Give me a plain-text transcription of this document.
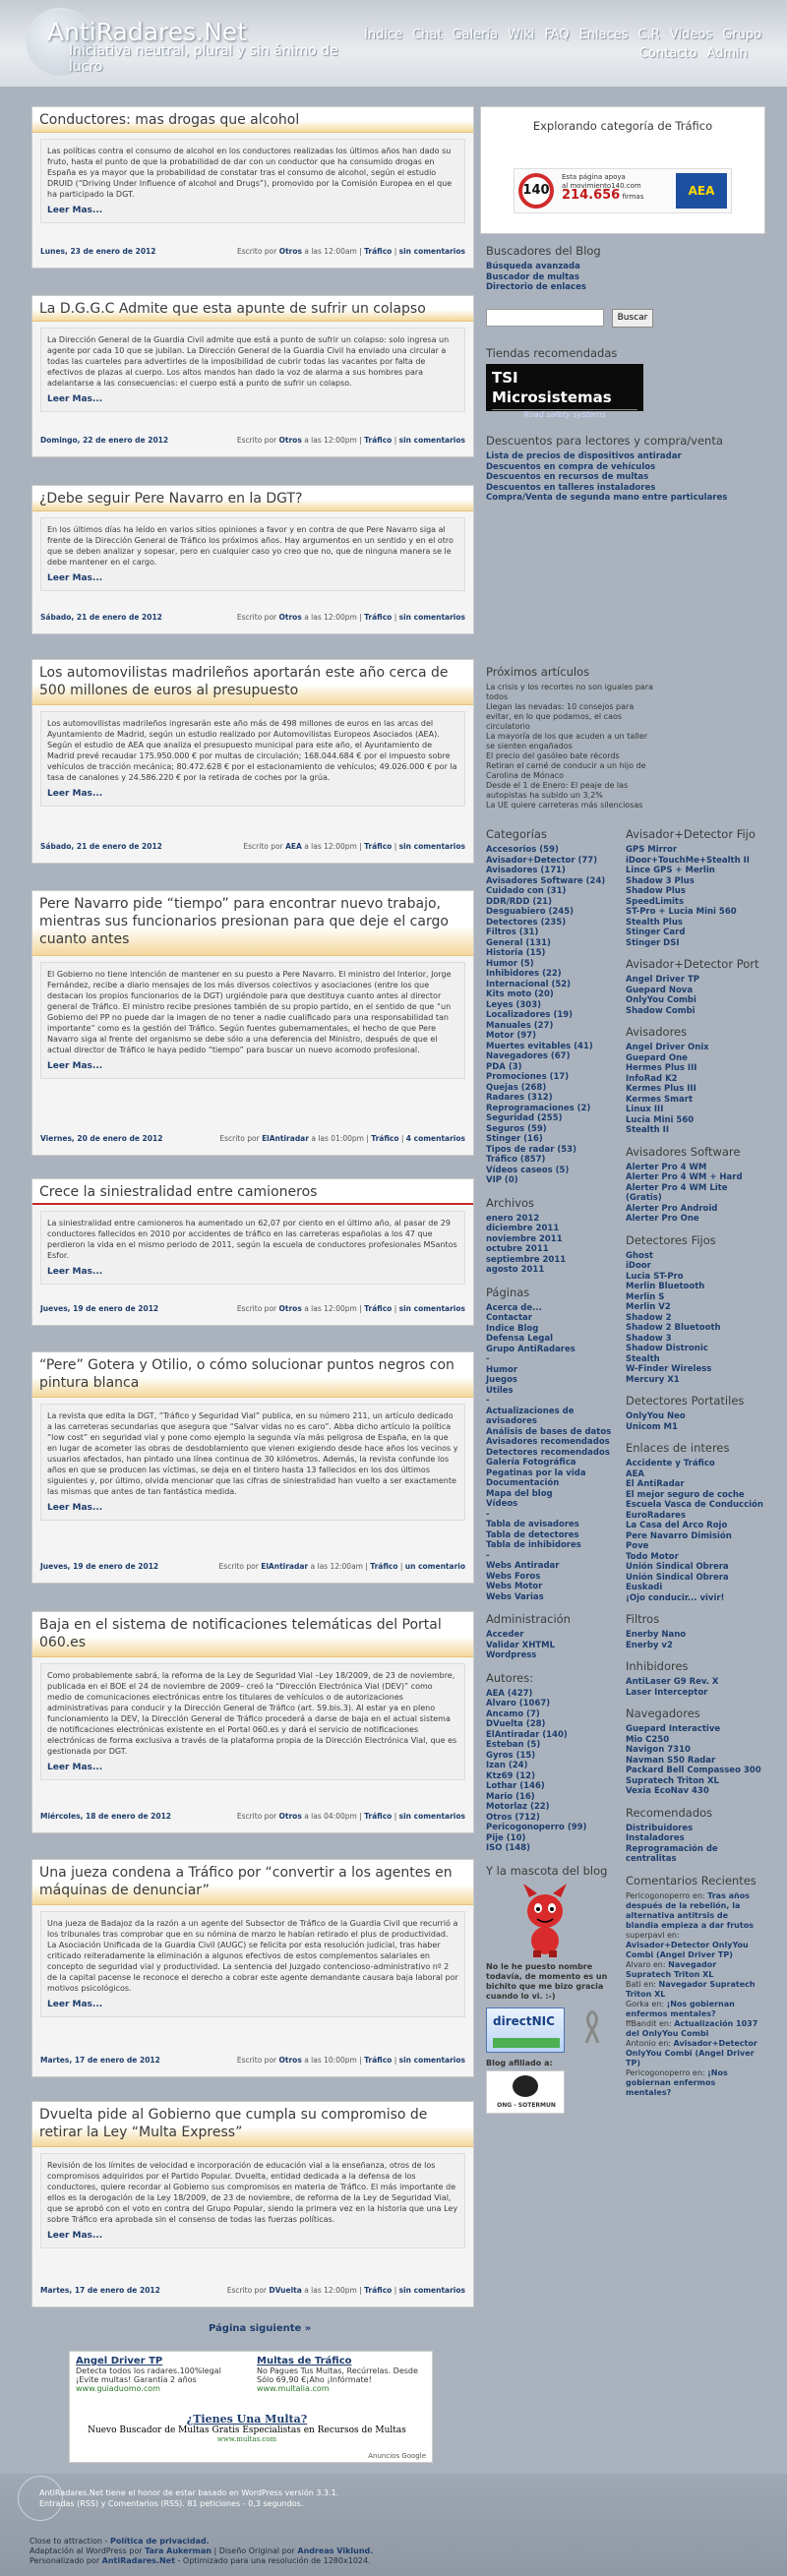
AntiRadares.Net
Iniciativa neutral, plural y sin ánimo de lucro
Índice Chat Galería Wiki FAQ Enlaces C.R Vídeos Grupo
Contacto Admin
Conductores: mas drogas que alcohol
Las políticas contra el consumo de alcohol en los conductores realizadas los últimos años han dado su fruto, hasta el punto de que la probabilidad de dar con un conductor que ha consumido drogas en España es ya mayor que la probabilidad de constatar tras el consumo de alcohol, según el estudio DRUID (“Driving Under Influence of alcohol and Drugs”), promovido por la Comisión Europea en el que ha participado la DGT.
Leer Mas...
Lunes, 23 de enero de 2012	Escrito por Otros a las 12:00am | Tráfico | sin comentarios
La D.G.G.C Admite que esta apunte de sufrir un colapso
La Dirección General de la Guardia Civil admite que está a punto de sufrir un colapso: solo ingresa un agente por cada 10 que se jubilan. La Dirección General de la Guardia Civil ha enviado una circular a todas las cuarteles para advertirles de la imposibilidad de cubrir todas las vacantes por falta de efectivos de plazas al cuerpo. Los altos mandos han dado la voz de alarma a sus hombres para adelantarse a las consecuencias: el cuerpo está a punto de sufrir un colapso.
Leer Mas...
Domingo, 22 de enero de 2012	Escrito por Otros a las 12:00pm | Tráfico | sin comentarios
¿Debe seguir Pere Navarro en la DGT?
En los últimos días ha leído en varios sitios opiniones a favor y en contra de que Pere Navarro siga al frente de la Dirección General de Tráfico los próximos años. Hay argumentos en un sentido y en el otro que se deben analizar y sopesar, pero en cualquier caso yo creo que no, que de ninguna manera se le debe mantener en el cargo.
Leer Mas...
Sábado, 21 de enero de 2012	Escrito por Otros a las 12:00pm | Tráfico | sin comentarios
Los automovilistas madrileños aportarán este año cerca de 500 millones de euros al presupuesto
Los automovilistas madrileños ingresarán este año más de 498 millones de euros en las arcas del Ayuntamiento de Madrid, según un estudio realizado por Automovilistas Europeos Asociados (AEA). Según el estudio de AEA que analiza el presupuesto municipal para este año, el Ayuntamiento de Madrid prevé recaudar 175.950.000 € por multas de circulación; 168.044.684 € por el impuesto sobre vehículos de tracción mecánica; 80.472.628 € por el estacionamiento de vehículos; 49.026.000 € por la tasa de canalones y 24.586.220 € por la retirada de coches por la grúa.
Leer Mas...
Sábado, 21 de enero de 2012	Escrito por AEA a las 12:00pm | Tráfico | sin comentarios
Pere Navarro pide “tiempo” para encontrar nuevo trabajo, mientras sus funcionarios presionan para que deje el cargo cuanto antes
El Gobierno no tiene intención de mantener en su puesto a Pere Navarro. El ministro del Interior, Jorge Fernández, recibe a diario mensajes de los más diversos colectivos y asociaciones (entre los que destacan los propios funcionarios de la DGT) urgiéndole para que destituya cuanto antes al director general de Tráfico. El ministro recibe presiones también de su propio partido, en el sentido de que “un Gobierno del PP no puede dar la imagen de no tener a nadie cualificado para una responsabilidad tan importante” como es la gestión del Tráfico. Según fuentes gubernamentales, el hecho de que Pere Navarro siga al frente del organismo se debe sólo a una deferencia del Ministro, después de que el actual director de Tráfico le haya pedido “tiempo” para buscar un nuevo acomodo profesional.
Leer Mas...
Viernes, 20 de enero de 2012	Escrito por ElAntiradar a las 01:00pm | Tráfico | 4 comentarios
Crece la siniestralidad entre camioneros
La siniestralidad entre camioneros ha aumentado un 62,07 por ciento en el último año, al pasar de 29 conductores fallecidos en 2010 por accidentes de tráfico en las carreteras españolas a los 47 que perdieron la vida en el mismo periodo de 2011, según la escuela de conductores profesionales MSantos Esfor.
Leer Mas...
Jueves, 19 de enero de 2012	Escrito por Otros a las 12:00pm | Tráfico | sin comentarios
“Pere” Gotera y Otilio, o cómo solucionar puntos negros con pintura blanca
La revista que edita la DGT, “Tráfico y Seguridad Vial” publica, en su número 211, un artículo dedicado a las carreteras secundarias que asegura que “Salvar vidas no es caro”. Abba dicho artículo la política “low cost” en seguridad vial y pone como ejemplo la segunda vía más peligrosa de España, en la que en lugar de acometer las obras de desdoblamiento que vienen exigiendo desde hace años los vecinos y usuarios afectados, han pintado una línea continua de 30 kilómetros. Además, la revista confunde los años en que se producen las víctimas, se deja en el tintero hasta 13 fallecidos en los dos últimos siguientes y, por último, olvida mencionar que las cifras de siniestralidad han vuelto a ser exactamente las mismas que antes de tan fantástica medida.
Leer Mas...
Jueves, 19 de enero de 2012	Escrito por ElAntiradar a las 12:00am | Tráfico | un comentario
Baja en el sistema de notificaciones telemáticas del Portal 060.es
Como probablemente sabrá, la reforma de la Ley de Seguridad Vial –Ley 18/2009, de 23 de noviembre, publicada en el BOE el 24 de noviembre de 2009– creó la “Dirección Electrónica Vial (DEV)” como medio de comunicaciones electrónicas entre los titulares de vehículos o de autorizaciones administrativas para conducir y la Dirección General de Tráfico (art. 59.bis.3). Al estar ya en pleno funcionamiento la DEV, la Dirección General de Tráfico procederá a darse de baja en el actual sistema de notificaciones electrónicas existente en el Portal 060.es y dará el servicio de notificaciones electrónicas de forma exclusiva a través de la plataforma propia de la Dirección Electrónica Vial, que es gestionada por DGT.
Leer Mas...
Miércoles, 18 de enero de 2012	Escrito por Otros a las 04:00pm | Tráfico | sin comentarios
Una jueza condena a Tráfico por “convertir a los agentes en máquinas de denunciar”
Una jueza de Badajoz da la razón a un agente del Subsector de Tráfico de la Guardia Civil que recurrió a los tribunales tras comprobar que en su nómina de marzo le habían retirado el plus de productividad. La Asociación Unificada de la Guardia Civil (AUGC) se felicita por esta resolución judicial, tras haber criticado reiteradamente la eliminación a algunos efectivos de estos complementos salariales en concepto de seguridad vial y productividad. La sentencia del Juzgado contencioso-administrativo nº 2 de la capital pacense le reconoce el derecho a cobrar este agente demandante causara baja laboral por motivos psicológicos.
Leer Mas...
Martes, 17 de enero de 2012	Escrito por Otros a las 10:00pm | Tráfico | sin comentarios
Dvuelta pide al Gobierno que cumpla su compromiso de retirar la Ley “Multa Express”
Revisión de los límites de velocidad e incorporación de educación vial a la enseñanza, otros de los compromisos adquiridos por el Partido Popular. Dvuelta, entidad dedicada a la defensa de los conductores, quiere recordar al Gobierno sus compromisos en materia de Tráfico. El más importante de ellos es la derogación de la Ley 18/2009, de 23 de noviembre, de reforma de la Ley de Seguridad Vial, que se aprobó con el voto en contra del Grupo Popular, siendo la primera vez en la historia que una Ley sobre Tráfico era aprobada sin el consenso de todas las fuerzas políticas.
Leer Mas...
Martes, 17 de enero de 2012	Escrito por DVuelta a las 12:00pm | Tráfico | sin comentarios
Página siguiente »
Angel Driver TP
Detecta todos los radares.100%legal ¡Evite multas! Garantía 2 años
www.guiaduomo.com
Multas de Tráfico
No Pagues Tus Multas, Recúrrelas. Desde Sólo 69,90 €¡Aho ¡Infórmate!
www.multalia.com
¿Tienes Una Multa?
Nuevo Buscador de Multas Gratis Especialistas en Recursos de Multas
www.multas.com
Anuncios Google
Explorando categoría de Tráfico
140
Esta página apoya
al movimiento140.com
214.656 firmas	AEA
Buscadores del Blog
Búsqueda avanzada
Buscador de multas
Directorio de enlaces
Buscar
Tiendas recomendadas
TSI Microsistemas
Road safety systems
Descuentos para lectores y compra/venta
Lista de precios de dispositivos antiradar
Descuentos en compra de vehículos
Descuentos en recursos de multas
Descuentos en talleres instaladores
Compra/Venta de segunda mano entre particulares
Próximos artículos
La crisis y los recortes no son iguales para todos
Llegan las nevadas: 10 consejos para evitar, en lo que podamos, el caos circulatorio
La mayoría de los que acuden a un taller se sienten engañados
El precio del gasóleo bate récords
Retiran el carné de conducir a un hijo de Carolina de Mónaco
Desde el 1 de Enero: El peaje de las autopistas ha subido un 3,2%
La UE quiere carreteras más silenciosas
Categorías
Accesorios (59)
Avisador+Detector (77)
Avisadores (171)
Avisadores Software (24)
Cuidado con (31)
DDR/RDD (21)
Desguabiero (245)
Detectores (235)
Filtros (31)
General (131)
Historia (15)
Humor (5)
Inhibidores (22)
Internacional (52)
Kits moto (20)
Leyes (303)
Localizadores (19)
Manuales (27)
Motor (97)
Muertes evitables (41)
Navegadores (67)
PDA (3)
Promociones (17)
Quejas (268)
Radares (312)
Reprogramaciones (2)
Seguridad (255)
Seguros (59)
Stinger (16)
Tipos de radar (53)
Tráfico (857)
Vídeos caseos (5)
VIP (0)
Archivos
enero 2012
diciembre 2011
noviembre 2011
octubre 2011
septiembre 2011
agosto 2011
Páginas
Acerca de...
Contactar
Indice Blog
Defensa Legal
Grupo AntiRadares
-
Humor
Juegos
Utiles
-
Actualizaciones de avisadores
Análisis de bases de datos
Avisadores recomendados
Detectores recomendados
Galería Fotográfica
Pegatinas por la vida
Documentación
Mapa del blog
Vídeos
-
Tabla de avisadores
Tabla de detectores
Tabla de inhibidores
-
Webs Antiradar
Webs Foros
Webs Motor
Webs Varias
Administración
Acceder
Validar XHTML
Wordpress
Autores:
AEA (427)
Alvaro (1067)
Ancamo (7)
DVuelta (28)
ElAntiradar (140)
Esteban (5)
Gyros (15)
Izan (24)
Ktz69 (12)
Lothar (146)
Mario (16)
Motorlaz (22)
Otros (712)
Pericogonoperro (99)
Pije (10)
ISO (148)
Y la mascota del blog
No le he puesto nombre todavía, de momento es un bichito que me bizo gracia cuando lo vi. :-)
directNIC
Blog afiliado a:
ONG - SOTERMUN
Avisador+Detector Fijo
GPS Mirror
iDoor+TouchMe+Stealth II
Lince GPS + Merlin
Shadow 3 Plus
Shadow Plus
SpeedLimits
ST-Pro + Lucia Mini 560
Stealth Plus
Stinger Card
Stinger DSI
Avisador+Detector Port
Angel Driver TP
Guepard Nova
OnlyYou Combi
Shadow Combi
Avisadores
Angel Driver Onix
Guepard One
Hermes Plus III
InfoRad K2
Kermes Plus III
Kermes Smart
Linux III
Lucia Mini 560
Stealth II
Avisadores Software
Alerter Pro 4 WM
Alerter Pro 4 WM + Hard
Alerter Pro 4 WM Lite (Gratis)
Alerter Pro Android
Alerter Pro One
Detectores Fijos
Ghost
iDoor
Lucia ST-Pro
Merlin Bluetooth
Merlin S
Merlin V2
Shadow 2
Shadow 2 Bluetooth
Shadow 3
Shadow Distronic
Stealth
W-Finder Wireless
Mercury X1
Detectores Portatiles
OnlyYou Neo
Unicom M1
Enlaces de interes
Accidente y Tráfico
AEA
El AntiRadar
El mejor seguro de coche
Escuela Vasca de Conducción
EuroRadares
La Casa del Arco Rojo
Pere Navarro Dimisión
Pove
Todo Motor
Unión Sindical Obrera
Unión Sindical Obrera Euskadi
¡Ojo conducir... vivir!
Filtros
Enerby Nano
Enerby v2
Inhibidores
AntiLaser G9 Rev. X
Laser Interceptor
Navegadores
Guepard Interactive
Mio C250
Navigon 7310
Navman S50 Radar
Packard Bell Compasseo 300
Supratech Triton XL
Vexia EcoNav 430
Recomendados
Distribuidores
Instaladores
Reprogramación de centralitas
Comentarios Recientes
Pericogonoperro en: Tras años después de la rebelión, la alternativa antitrsis de blandia empieza a dar frutos
superpavl en: Avisador+Detector OnlyYou Combi (Angel Driver TP)
Alvaro en: Navegador Supratech Triton XL
Bati en: Navegador Supratech Triton XL
Gorka en: ¡Nos gobiernan enfermos mentales?
ffBandit en: Actualización 1037 del OnlyYou Combi
Antonio en: Avisador+Detector OnlyYou Combi (Angel Driver TP)
Pericogonoperro en: ¡Nos gobiernan enfermos mentales?
AntiRadares.Net tiene el honor de estar basado en WordPress versión 3.3.1.
Entradas (RSS) y Comentarios (RSS). 81 peticiones - 0,3 segundos.
Close to attraction - Política de privacidad.
Adaptación al WordPress por Tara Aukerman | Diseño Original por Andreas Viklund.
Personalizado por AntiRadares.Net - Optimizado para una resolución de 1280x1024.
